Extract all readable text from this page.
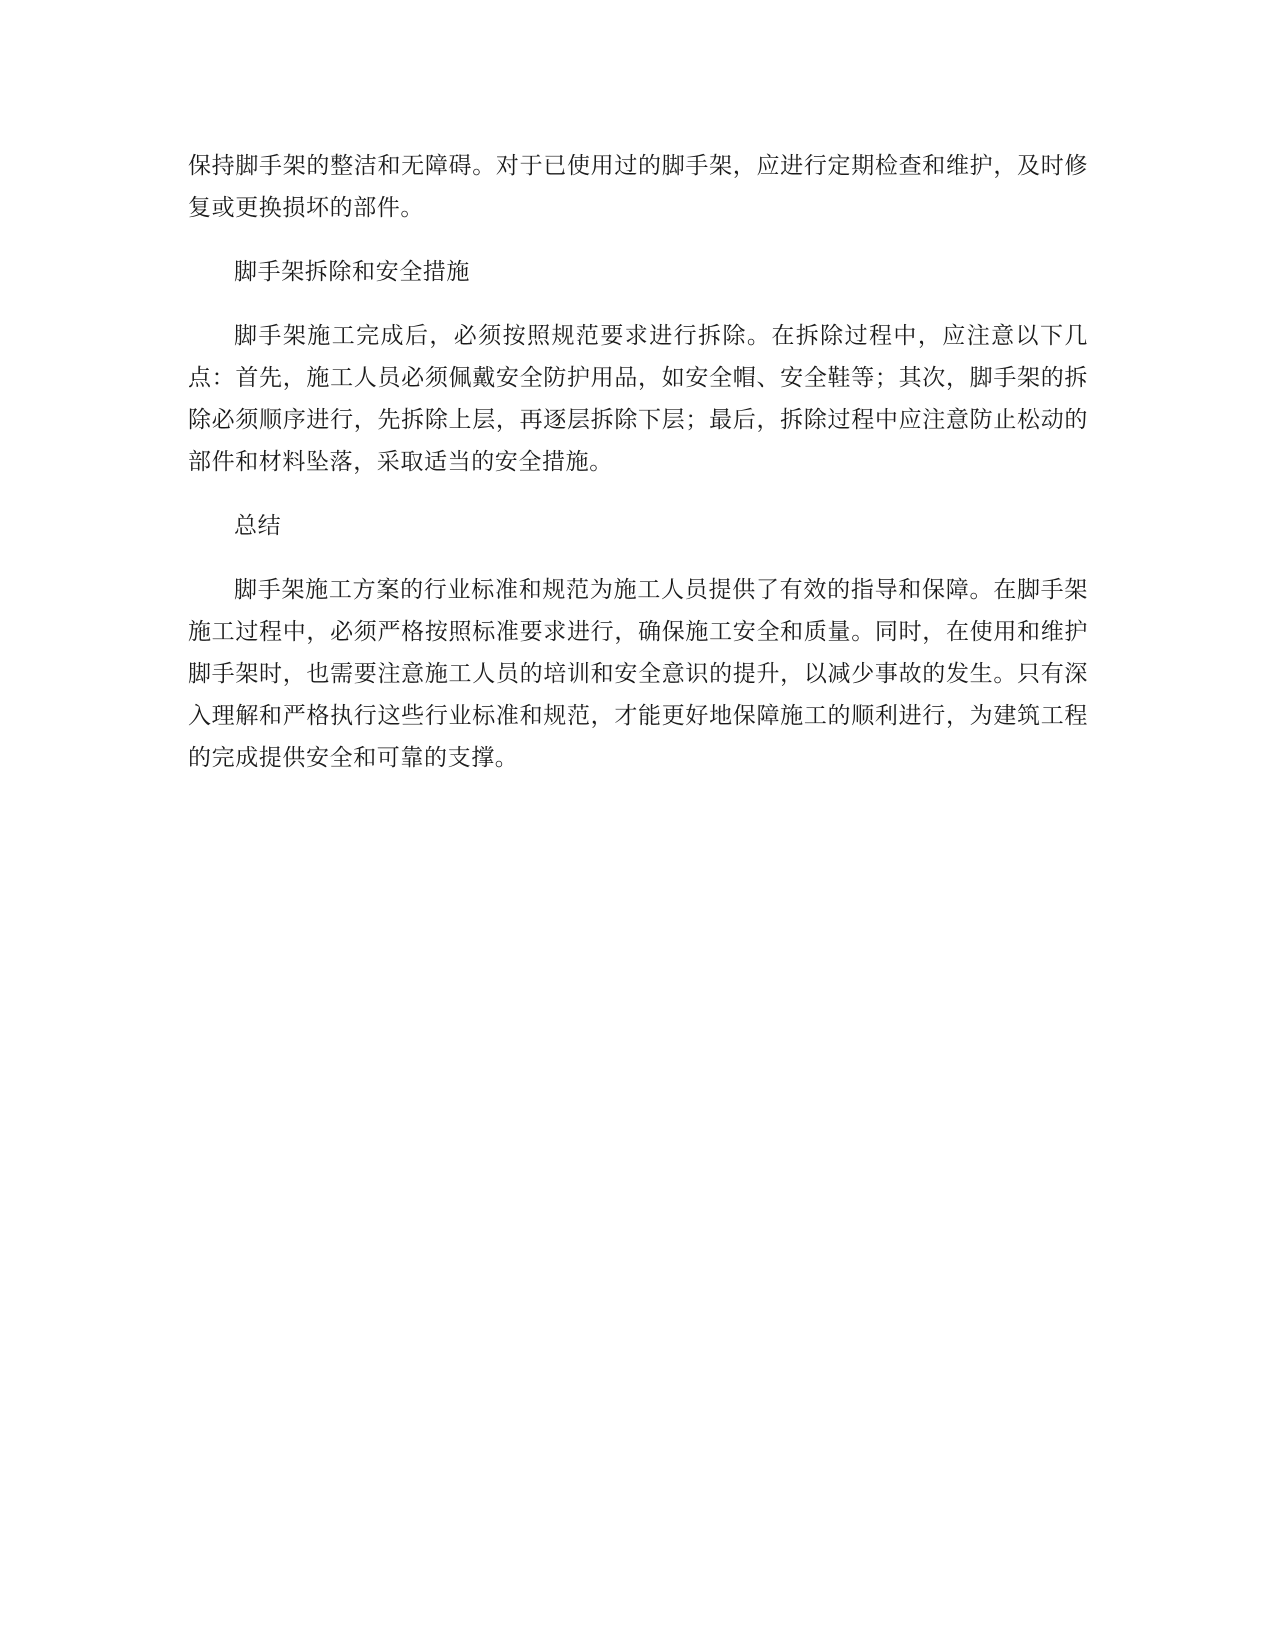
保持脚手架的整洁和无障碍。对于已使用过的脚手架，应进行定期检查和维护，及时修复或更换损坏的部件。

脚手架拆除和安全措施

脚手架施工完成后，必须按照规范要求进行拆除。在拆除过程中，应注意以下几点：首先，施工人员必须佩戴安全防护用品，如安全帽、安全鞋等；其次，脚手架的拆除必须顺序进行，先拆除上层，再逐层拆除下层；最后，拆除过程中应注意防止松动的部件和材料坠落，采取适当的安全措施。

总结

脚手架施工方案的行业标准和规范为施工人员提供了有效的指导和保障。在脚手架施工过程中，必须严格按照标准要求进行，确保施工安全和质量。同时，在使用和维护脚手架时，也需要注意施工人员的培训和安全意识的提升，以减少事故的发生。只有深入理解和严格执行这些行业标准和规范，才能更好地保障施工的顺利进行，为建筑工程的完成提供安全和可靠的支撑。
